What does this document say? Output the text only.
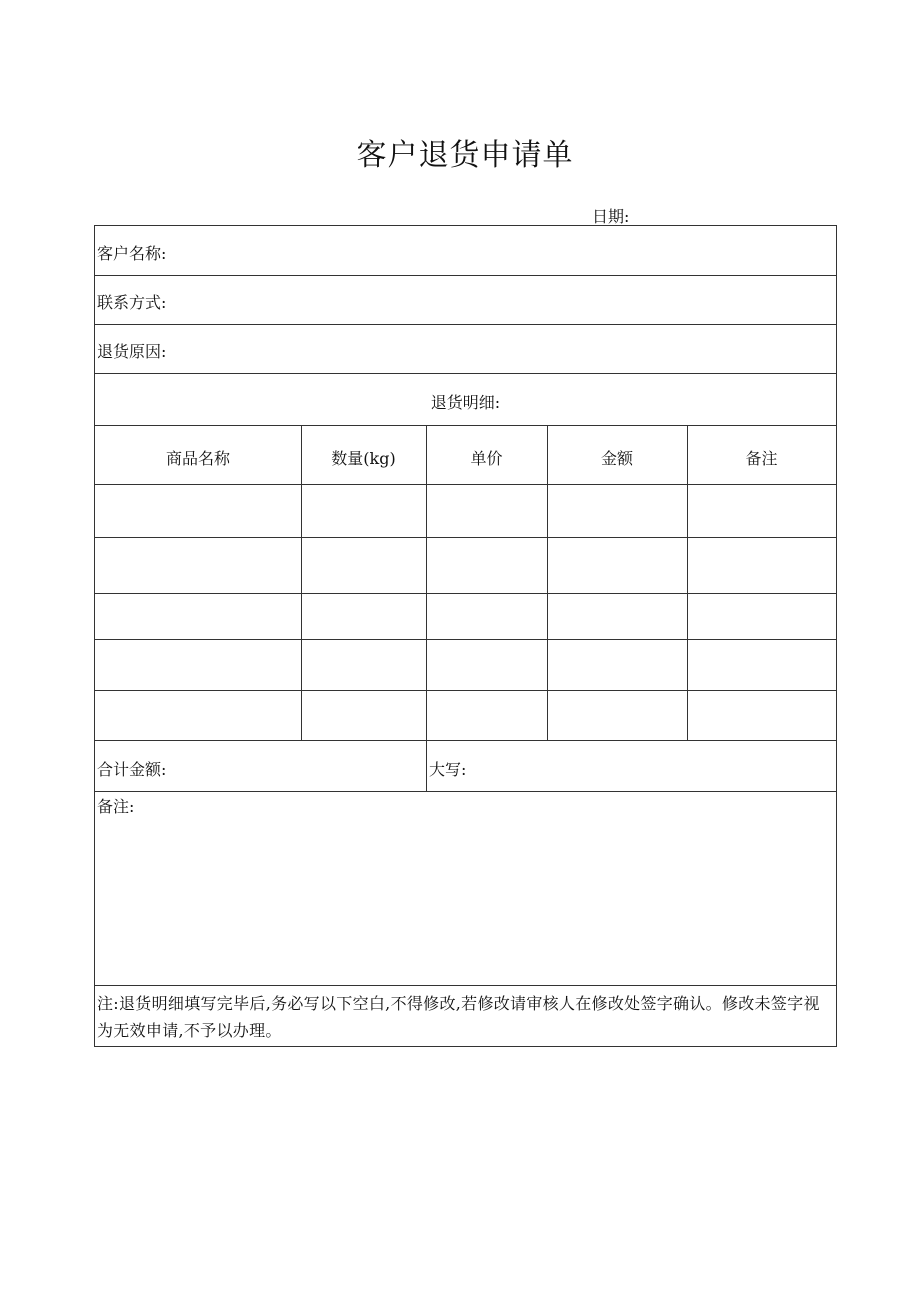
客户退货申请单
日期:
客户名称:
联系方式:
退货原因:
退货明细:
商品名称	数量(kg)	单价	金额	备注
合计金额:	大写:
备注:
注:退货明细填写完毕后,务必写以下空白,不得修改,若修改请审核人在修改处签字确认。修改未签字视为无效申请,不予以办理。
